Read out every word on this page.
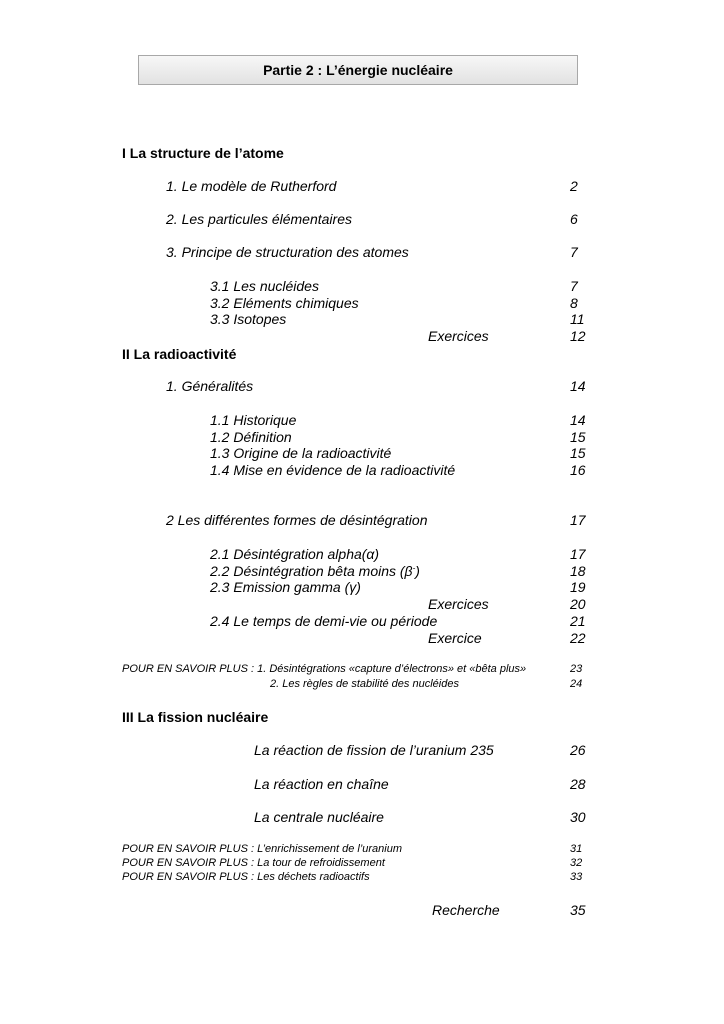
Partie 2 : L’énergie nucléaire
I La structure de l’atome
1. Le modèle de Rutherford	2
2. Les particules élémentaires	6
3. Principe de structuration des atomes	7
3.1 Les nucléides	7
3.2 Eléments chimiques	8
3.3 Isotopes	11
Exercices	12
II La radioactivité
1. Généralités	14
1.1 Historique	14
1.2 Définition	15
1.3 Origine de la radioactivité	15
1.4 Mise en évidence de la radioactivité	16
2 Les différentes formes de désintégration	17
2.1 Désintégration alpha(α)	17
2.2 Désintégration bêta moins (β-)	18
2.3 Emission gamma (γ)	19
Exercices	20
2.4 Le temps de demi-vie ou période	21
Exercice	22
POUR EN SAVOIR PLUS : 1. Désintégrations «capture d’électrons» et «bêta plus»	23
2. Les règles de stabilité des nucléides	24
III La fission nucléaire
La réaction de fission de l’uranium 235	26
La réaction en chaîne	28
La centrale nucléaire	30
POUR EN SAVOIR PLUS : L’enrichissement de l’uranium	31
POUR EN SAVOIR PLUS : La tour de refroidissement	32
POUR EN SAVOIR PLUS : Les déchets radioactifs	33
Recherche	35
